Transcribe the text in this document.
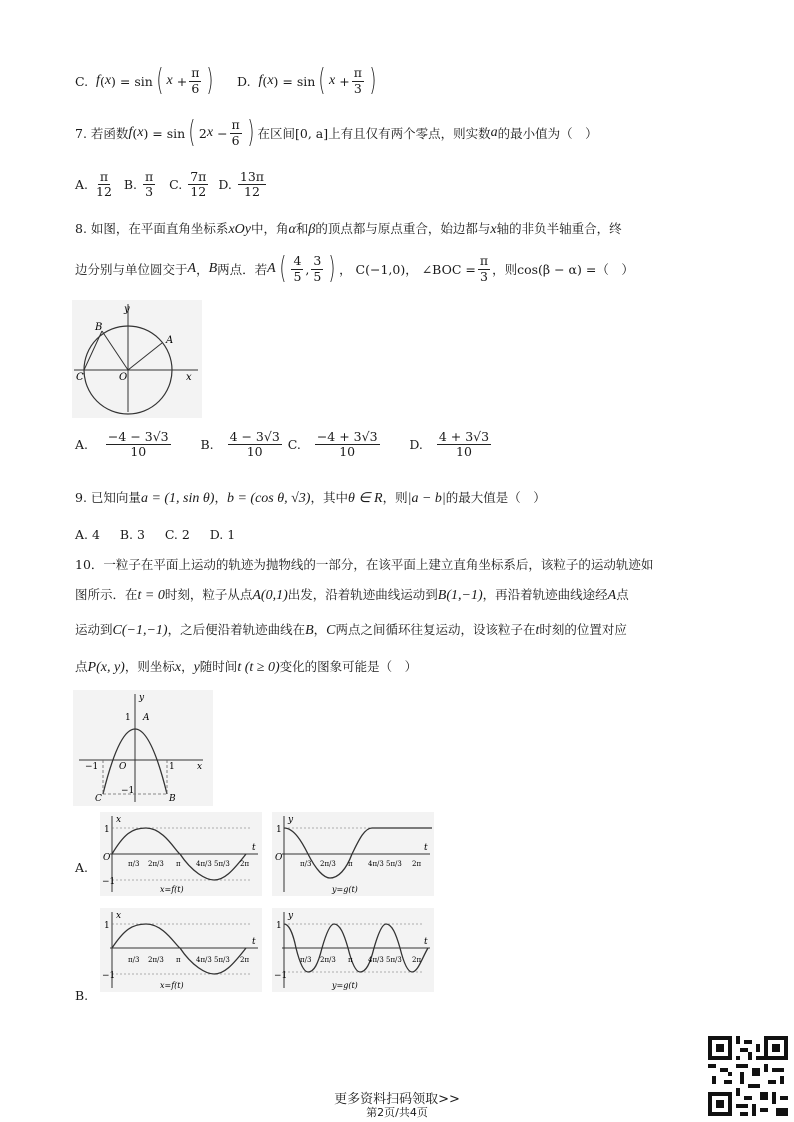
C.
f ( x ) = sin ( $x + \frac{\pi}{6}$ )
D.
f ( x ) = sin ( $x + \frac{\pi}{3}$ )
7.
若函数 f ( x ) = sin ( 2 $x - \frac{\pi}{6}$ ) 在区间 [0, a] 上有且仅有两个零点，则实数 a 的最小值为（　）
A.
$\frac{\pi}{12}$
B.
$\frac{\pi}{3}$
C.
$\frac{7\pi}{12}$
D.
$\frac{13\pi}{12}$
8. 如图，在平面直角坐标系xOy中，角α和β的顶点都与原点重合，始边都与x轴的非负半轴重合，终
边分别与单位圆交于 A ， B 两点．若 A ( $\frac{4}{5}$ , $\frac{3}{5}$ ) ， C(−1,0) ， ∠BOC = $\frac{\pi}{3}$ ，则 cos(β − α) =（　）
y
B
A
C	O	x
A.
$\frac{-4 - 3√3}{10}$
B.
$\frac{4 - 3√3}{10}$
C.
$\frac{-4 + 3√3}{10}$
D.
$\frac{4 + 3√3}{10}$
9. 已知向量a = (1, sin θ)，b = (cos θ, √3)，其中θ ∈ R，则|a − b|的最大值是（　）
A. 4 B. 3 C. 2 D. 1
10．一粒子在平面上运动的轨迹为抛物线的一部分，在该平面上建立直角坐标系后，该粒子的运动轨迹如
图所示．在t = 0时刻，粒子从点A(0,1)出发，沿着轨迹曲线运动到B(1,−1)，再沿着轨迹曲线途经A点
运动到C(−1,−1)，之后便沿着轨迹曲线在B，C两点之间循环往复运动，设该粒子在t时刻的位置对应
点P(x, y)，则坐标x，y随时间t (t ≥ 0)变化的图象可能是（　）
y
1 A
−1 O	1 x
C
−1
B
x
1
−1
O
t
π/3 2π/3 π 4π/3 5π/3 2π
x=f(t)
y
1
O
t
π/3 2π/3 π 4π/3 5π/3 2π
y=g(t)
A.
x
1
−1
t
π/3 2π/3 π 4π/3 5π/3 2π
x=f(t)
y
1
−1
t
π/3 2π/3 π 4π/3 5π/3 2π
y=g(t)
B.
更多资料扫码领取>>
第2页/共4页
